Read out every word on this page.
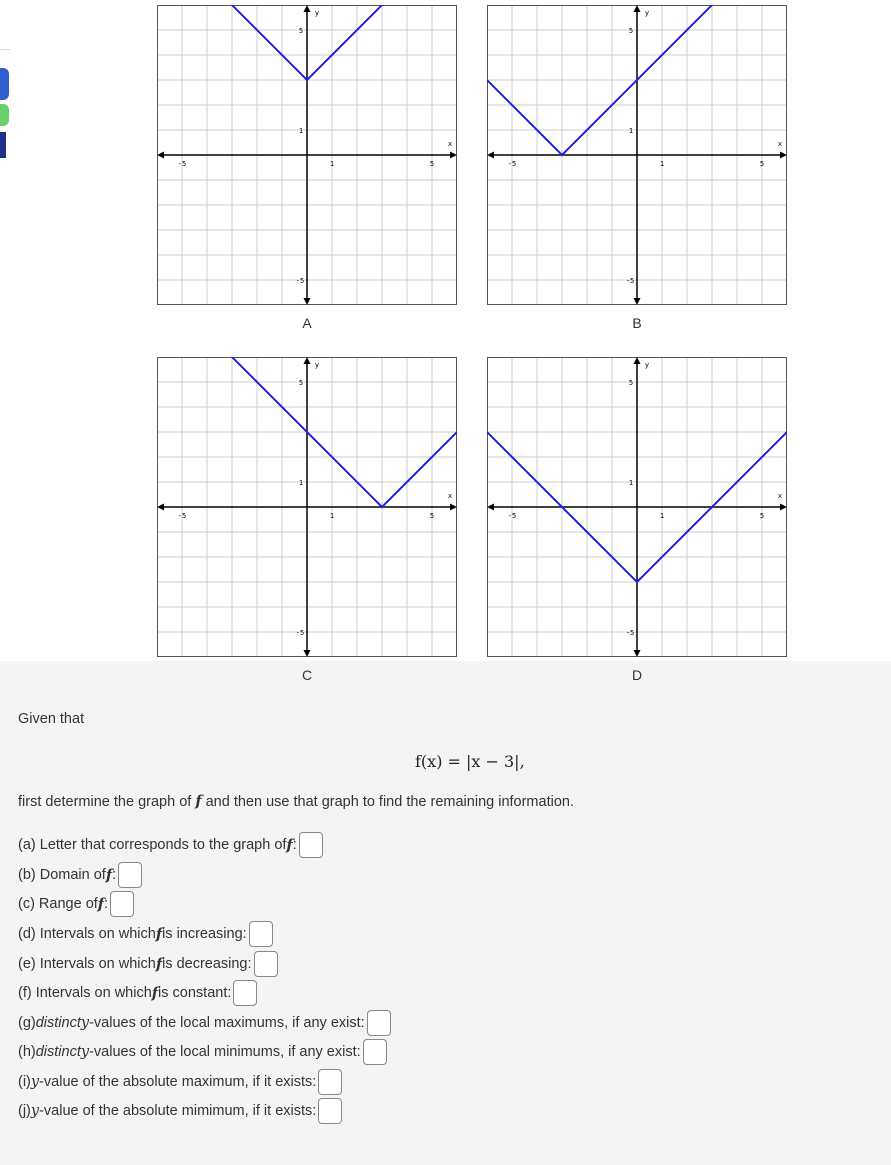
-5	1	5
x
5
1
-5
y
A
-5	1	5
x
5
1
-5
y
B
-5	1	5
x
5
1
-5
y
C
-5	1	5
x
5
1
-5
y
D
Given that
f(x) = |x − 3|,
first determine the graph of f and then use that graph to find the remaining information.
(a) Letter that corresponds to the graph of f :
(b) Domain of f :
(c) Range of f :
(d) Intervals on which f is increasing:
(e) Intervals on which f is decreasing:
(f) Intervals on which f is constant:
(g) distinct y -values of the local maximums, if any exist:
(h) distinct y -values of the local minimums, if any exist:
(i) y -value of the absolute maximum, if it exists:
(j) y -value of the absolute mimimum, if it exists:
